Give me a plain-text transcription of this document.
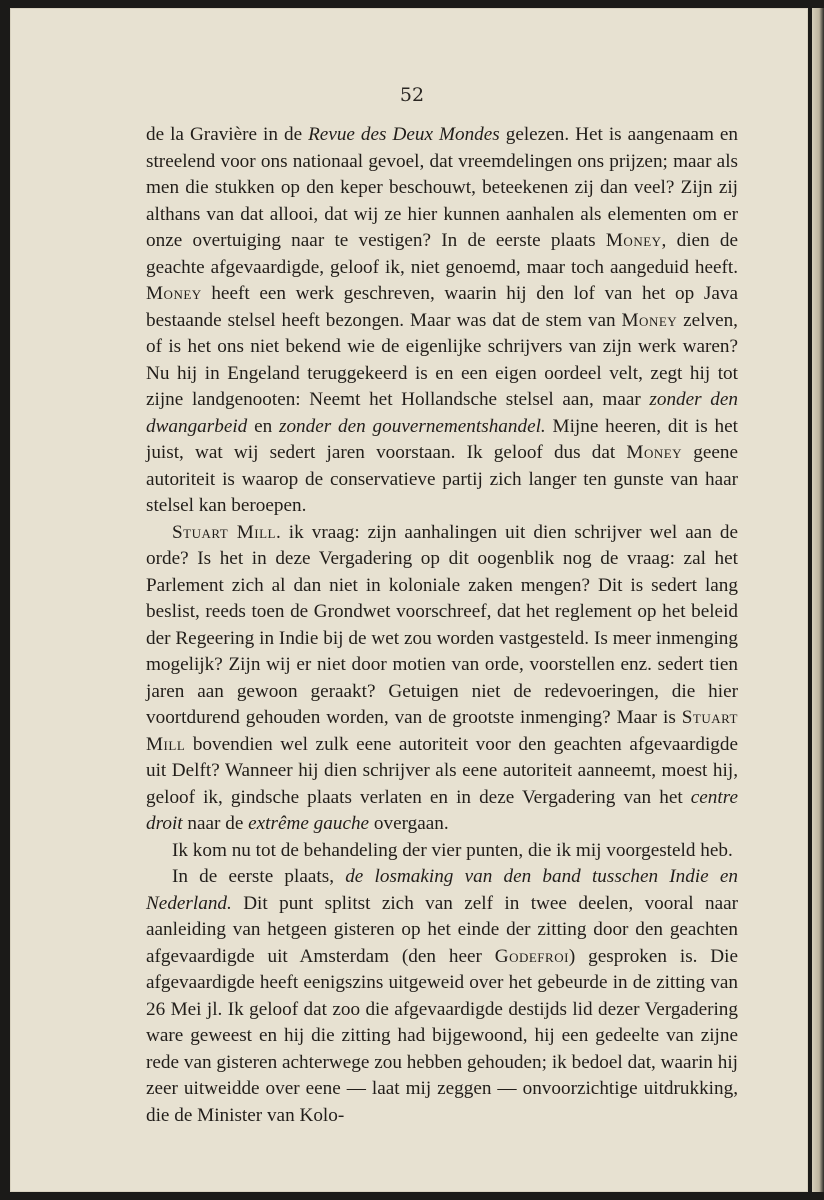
52

de la Gravière in de Revue des Deux Mondes gelezen. Het is aangenaam en streelend voor ons nationaal gevoel, dat vreemdelingen ons prijzen; maar als men die stukken op den keper beschouwt, beteekenen zij dan veel? Zijn zij althans van dat allooi, dat wij ze hier kunnen aanhalen als elementen om er onze overtuiging naar te vestigen? In de eerste plaats Money, dien de geachte afgevaardigde, geloof ik, niet genoemd, maar toch aangeduid heeft. Money heeft een werk geschreven, waarin hij den lof van het op Java bestaande stelsel heeft bezongen. Maar was dat de stem van Money zelven, of is het ons niet bekend wie de eigenlijke schrijvers van zijn werk waren? Nu hij in Engeland teruggekeerd is en een eigen oordeel velt, zegt hij tot zijne landgenooten: Neemt het Hollandsche stelsel aan, maar zonder den dwangarbeid en zonder den gouvernementshandel. Mijne heeren, dit is het juist, wat wij sedert jaren voorstaan. Ik geloof dus dat Money geene autoriteit is waarop de conservatieve partij zich langer ten gunste van haar stelsel kan beroepen.

Stuart Mill. ik vraag: zijn aanhalingen uit dien schrijver wel aan de orde? Is het in deze Vergadering op dit oogenblik nog de vraag: zal het Parlement zich al dan niet in koloniale zaken mengen? Dit is sedert lang beslist, reeds toen de Grondwet voorschreef, dat het reglement op het beleid der Regeering in Indie bij de wet zou worden vastgesteld. Is meer inmenging mogelijk? Zijn wij er niet door motien van orde, voorstellen enz. sedert tien jaren aan gewoon geraakt? Getuigen niet de redevoeringen, die hier voortdurend gehouden worden, van de grootste inmenging? Maar is Stuart Mill bovendien wel zulk eene autoriteit voor den geachten afgevaardigde uit Delft? Wanneer hij dien schrijver als eene autoriteit aanneemt, moest hij, geloof ik, gindsche plaats verlaten en in deze Vergadering van het centre droit naar de extrême gauche overgaan.

Ik kom nu tot de behandeling der vier punten, die ik mij voorgesteld heb.

In de eerste plaats, de losmaking van den band tusschen Indie en Nederland. Dit punt splitst zich van zelf in twee deelen, vooral naar aanleiding van hetgeen gisteren op het einde der zitting door den geachten afgevaardigde uit Amsterdam (den heer Godefroi) gesproken is. Die afgevaardigde heeft eenigszins uitgeweid over het gebeurde in de zitting van 26 Mei jl. Ik geloof dat zoo die afgevaardigde destijds lid dezer Vergadering ware geweest en hij die zitting had bijgewoond, hij een gedeelte van zijne rede van gisteren achterwege zou hebben gehouden; ik bedoel dat, waarin hij zeer uitweidde over eene — laat mij zeggen — onvoorzichtige uitdrukking, die de Minister van Kolo-
